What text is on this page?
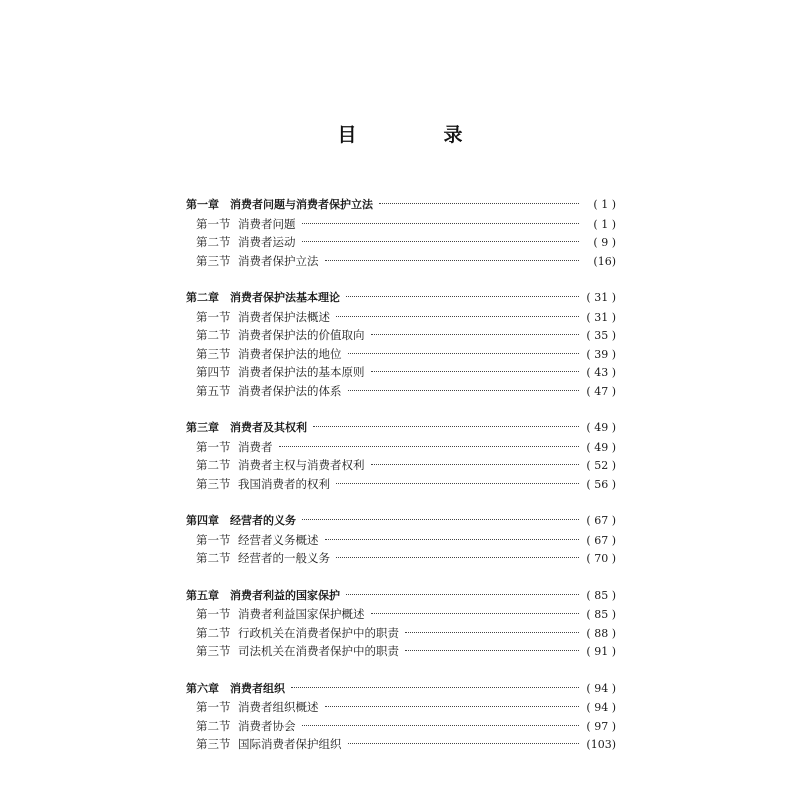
目　录
第一章	消费者问题与消费者保护立法	( 1 )
第一节 消费者问题	( 1 )
第二节 消费者运动	( 9 )
第三节 消费者保护立法	(16)
第二章	消费者保护法基本理论	( 31 )
第一节 消费者保护法概述	( 31 )
第二节 消费者保护法的价值取向	( 35 )
第三节 消费者保护法的地位	( 39 )
第四节 消费者保护法的基本原则	( 43 )
第五节 消费者保护法的体系	( 47 )
第三章	消费者及其权利	( 49 )
第一节 消费者	( 49 )
第二节 消费者主权与消费者权利	( 52 )
第三节 我国消费者的权利	( 56 )
第四章	经营者的义务	( 67 )
第一节 经营者义务概述	( 67 )
第二节 经营者的一般义务	( 70 )
第五章	消费者利益的国家保护	( 85 )
第一节 消费者利益国家保护概述	( 85 )
第二节 行政机关在消费者保护中的职责	( 88 )
第三节 司法机关在消费者保护中的职责	( 91 )
第六章	消费者组织	( 94 )
第一节 消费者组织概述	( 94 )
第二节 消费者协会	( 97 )
第三节 国际消费者保护组织	(103)
